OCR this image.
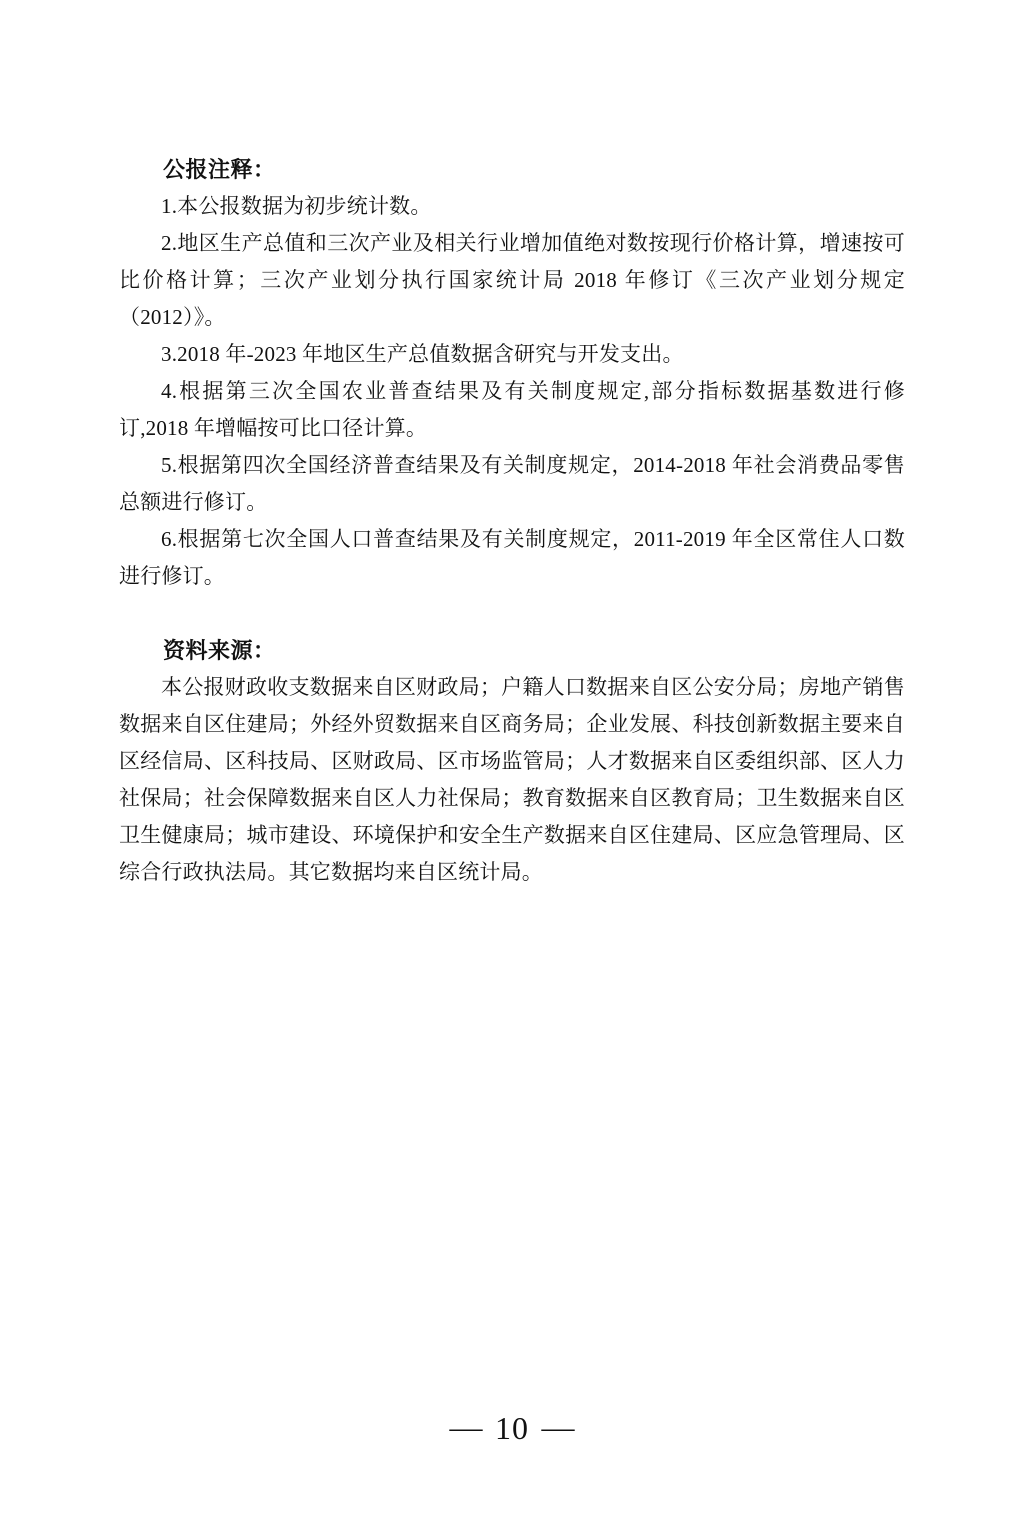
公报注释：

1.本公报数据为初步统计数。

2.地区生产总值和三次产业及相关行业增加值绝对数按现行价格计算，增速按可比价格计算；三次产业划分执行国家统计局 2018 年修订《三次产业划分规定（2012）》。

3.2018 年-2023 年地区生产总值数据含研究与开发支出。

4.根据第三次全国农业普查结果及有关制度规定,部分指标数据基数进行修订,2018 年增幅按可比口径计算。

5.根据第四次全国经济普查结果及有关制度规定，2014-2018 年社会消费品零售总额进行修订。

6.根据第七次全国人口普查结果及有关制度规定，2011-2019 年全区常住人口数进行修订。

资料来源：

本公报财政收支数据来自区财政局；户籍人口数据来自区公安分局；房地产销售数据来自区住建局；外经外贸数据来自区商务局；企业发展、科技创新数据主要来自区经信局、区科技局、区财政局、区市场监管局；人才数据来自区委组织部、区人力社保局；社会保障数据来自区人力社保局；教育数据来自区教育局；卫生数据来自区卫生健康局；城市建设、环境保护和安全生产数据来自区住建局、区应急管理局、区综合行政执法局。其它数据均来自区统计局。

— 10 —
